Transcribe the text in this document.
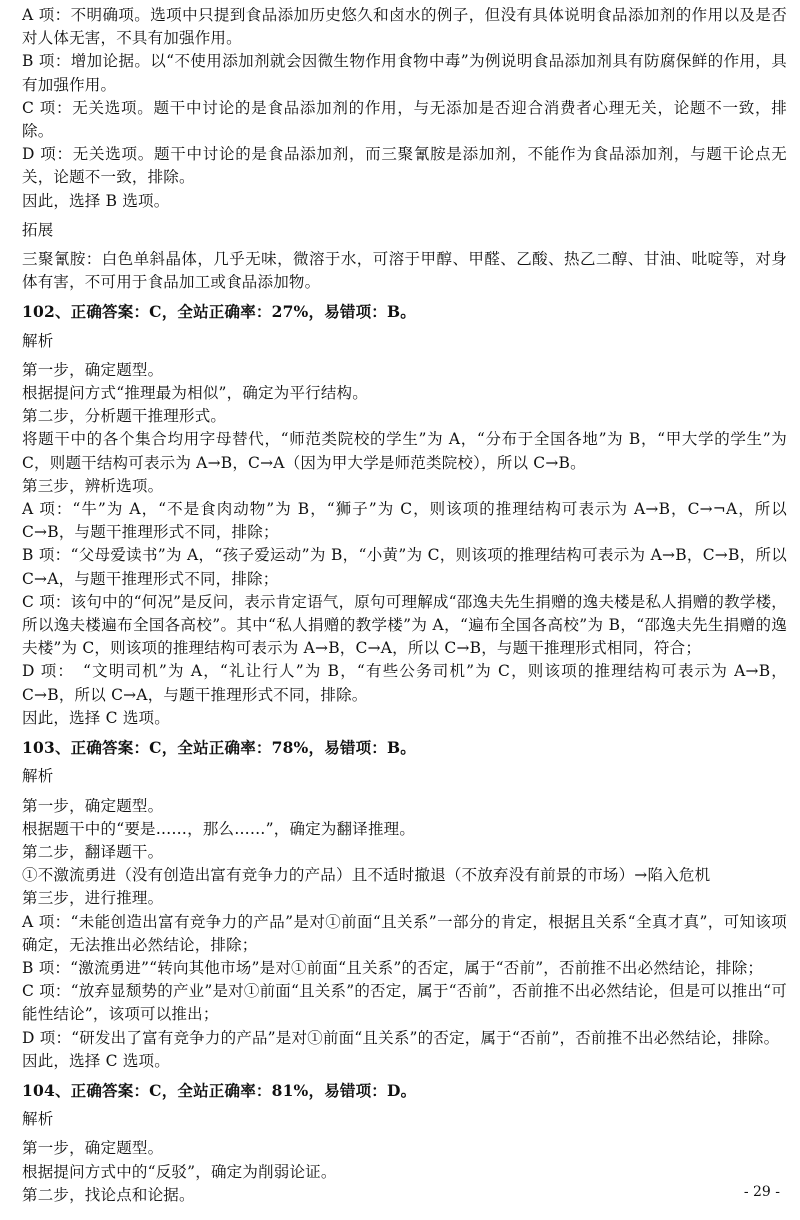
A 项：不明确项。选项中只提到食品添加历史悠久和卤水的例子，但没有具体说明食品添加剂的作用以及是否对人体无害，不具有加强作用。

B 项：增加论据。以“不使用添加剂就会因微生物作用食物中毒”为例说明食品添加剂具有防腐保鲜的作用，具有加强作用。

C 项：无关选项。题干中讨论的是食品添加剂的作用，与无添加是否迎合消费者心理无关，论题不一致，排除。

D 项：无关选项。题干中讨论的是食品添加剂，而三聚氰胺是添加剂，不能作为食品添加剂，与题干论点无关，论题不一致，排除。

因此，选择 B 选项。

拓展

三聚氰胺：白色单斜晶体，几乎无味，微溶于水，可溶于甲醇、甲醛、乙酸、热乙二醇、甘油、吡啶等，对身体有害，不可用于食品加工或食品添加物。

102、正确答案：C，全站正确率：27%，易错项：B。

解析

第一步，确定题型。

根据提问方式“推理最为相似”，确定为平行结构。

第二步，分析题干推理形式。

将题干中的各个集合均用字母替代，“师范类院校的学生”为 A，“分布于全国各地”为 B，“甲大学的学生”为 C，则题干结构可表示为 A→B，C→A（因为甲大学是师范类院校），所以 C→B。

第三步，辨析选项。

A 项：“牛”为 A，“不是食肉动物”为 B，“狮子”为 C，则该项的推理结构可表示为 A→B，C→¬A，所以 C→B，与题干推理形式不同，排除；

B 项：“父母爱读书”为 A，“孩子爱运动”为 B，“小黄”为 C，则该项的推理结构可表示为 A→B，C→B，所以 C→A，与题干推理形式不同，排除；

C 项：该句中的“何况”是反问，表示肯定语气，原句可理解成“邵逸夫先生捐赠的逸夫楼是私人捐赠的教学楼，所以逸夫楼遍布全国各高校”。其中“私人捐赠的教学楼”为 A，“遍布全国各高校”为 B，“邵逸夫先生捐赠的逸夫楼”为 C，则该项的推理结构可表示为 A→B，C→A，所以 C→B，与题干推理形式相同，符合；

D 项：　“文明司机”为 A，“礼让行人”为 B，“有些公务司机”为 C，则该项的推理结构可表示为 A→B，C→B，所以 C→A，与题干推理形式不同，排除。

因此，选择 C 选项。

103、正确答案：C，全站正确率：78%，易错项：B。

解析

第一步，确定题型。

根据题干中的“要是……，那么……”，确定为翻译推理。

第二步，翻译题干。

①不激流勇进（没有创造出富有竞争力的产品）且不适时撤退（不放弃没有前景的市场）→陷入危机

第三步，进行推理。

A 项：“未能创造出富有竞争力的产品”是对①前面“且关系”一部分的肯定，根据且关系“全真才真”，可知该项确定，无法推出必然结论，排除；

B 项：“激流勇进”“转向其他市场”是对①前面“且关系”的否定，属于“否前”，否前推不出必然结论，排除；

C 项：“放弃显颓势的产业”是对①前面“且关系”的否定，属于“否前”，否前推不出必然结论，但是可以推出“可能性结论”，该项可以推出；

D 项：“研发出了富有竞争力的产品”是对①前面“且关系”的否定，属于“否前”，否前推不出必然结论，排除。

因此，选择 C 选项。

104、正确答案：C，全站正确率：81%，易错项：D。

解析

第一步，确定题型。

根据提问方式中的“反驳”，确定为削弱论证。

第二步，找论点和论据。	- 29 -
